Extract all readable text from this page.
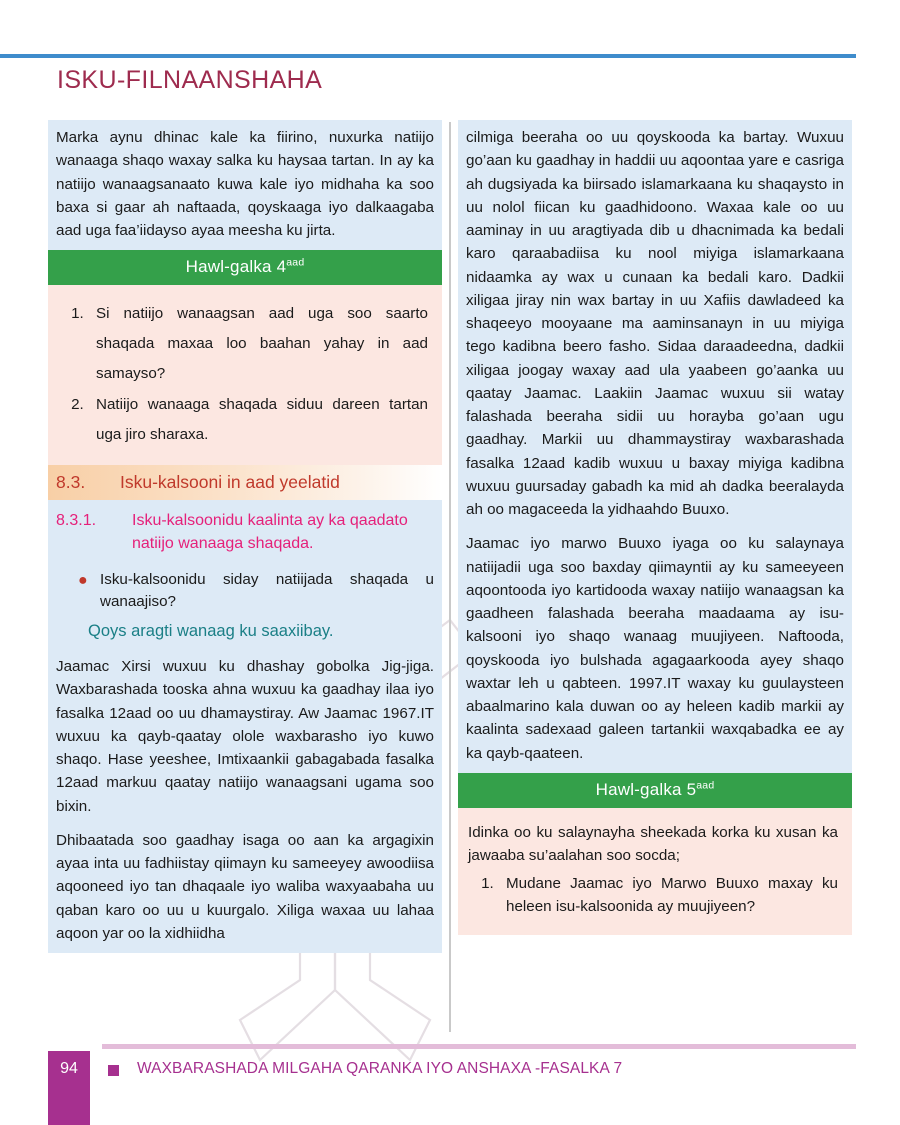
ISKU-FILNAANSHAHA

Marka aynu dhinac kale ka fiirino, nuxurka natiijo wanaaga shaqo waxay salka ku haysaa tartan. In ay ka natiijo wanaagsanaato kuwa kale iyo midhaha ka soo baxa si gaar ah naftaada, qoyskaaga iyo dalkaagaba aad uga faa’iidayso ayaa meesha ku jirta.

Hawl-galka $4^{aad}$
1. Si natiijo wanaagsan aad uga soo saarto shaqada maxaa loo baahan yahay in aad samayso?
2. Natiijo wanaaga shaqada siduu dareen tartan uga jiro sharaxa.
8.3.	Isku-kalsooni in aad yeelatid
8.3.1.	Isku-kalsoonidu kaalinta ay ka qaadato natiijo wanaaga shaqada.
● Isku-kalsoonidu siday natiijada shaqada u wanaajiso?
Qoys aragti wanaag ku saaxiibay.

Jaamac Xirsi wuxuu ku dhashay gobolka Jig-jiga. Waxbarashada tooska ahna wuxuu ka gaadhay ilaa iyo fasalka 12aad oo uu dhamaystiray. Aw Jaamac 1967.IT wuxuu ka qayb-qaatay olole waxbarasho iyo kuwo shaqo. Hase yeeshee, Imtixaankii gabagabada fasalka 12aad markuu qaatay natiijo wanaagsani ugama soo bixin.

Dhibaatada soo gaadhay isaga oo aan ka argagixin ayaa inta uu fadhiistay qiimayn ku sameeyey awoodiisa aqooneed iyo tan dhaqaale iyo waliba waxyaabaha uu qaban karo oo uu u kuurgalo. Xiliga waxaa uu lahaa aqoon yar oo la xidhiidha

cilmiga beeraha oo uu qoyskooda ka bartay. Wuxuu go’aan ku gaadhay in haddii uu aqoontaa yare e casriga ah dugsiyada ka biirsado islamarkaana ku shaqaysto in uu nolol fiican ku gaadhidoono. Waxaa kale oo uu aaminay in uu aragtiyada dib u dhacnimada ka bedali karo qaraabadiisa ku nool miyiga islamarkaana nidaamka ay wax u cunaan ka bedali karo. Dadkii xiligaa jiray nin wax bartay in uu Xafiis dawladeed ka shaqeeyo mooyaane ma aaminsanayn in uu miyiga tego kadibna beero fasho. Sidaa daraadeedna, dadkii xiligaa joogay waxay aad ula yaabeen go’aanka uu qaatay Jaamac. Laakiin Jaamac wuxuu sii watay falashada beeraha sidii uu horayba go’aan ugu gaadhay. Markii uu dhammaystiray waxbarashada fasalka 12aad kadib wuxuu u baxay miyiga kadibna wuxuu guursaday gabadh ka mid ah dadka beeralayda ah oo magaceeda la yidhaahdo Buuxo.

Jaamac iyo marwo Buuxo iyaga oo ku salaynaya natiijadii uga soo baxday qiimayntii ay ku sameeyeen aqoontooda iyo kartidooda waxay natiijo wanaagsan ka gaadheen falashada beeraha maadaama ay isu-kalsooni iyo shaqo wanaag muujiyeen. Naftooda, qoyskooda iyo bulshada agagaarkooda ayey shaqo waxtar leh u qabteen. 1997.IT waxay ku guulaysteen abaalmarino kala duwan oo ay heleen kadib markii ay kaalinta sadexaad galeen tartankii waxqabadka ee ay ka qayb-qaateen.

Hawl-galka $5^{aad}$

Idinka oo ku salaynayha sheekada korka ku xusan ka jawaaba su’aalahan soo socda;

1. Mudane Jaamac iyo Marwo Buuxo maxay ku heleen isu-kalsoonida ay muujiyeen?
94	WAXBARASHADA MILGAHA QARANKA IYO ANSHAXA -FASALKA 7
